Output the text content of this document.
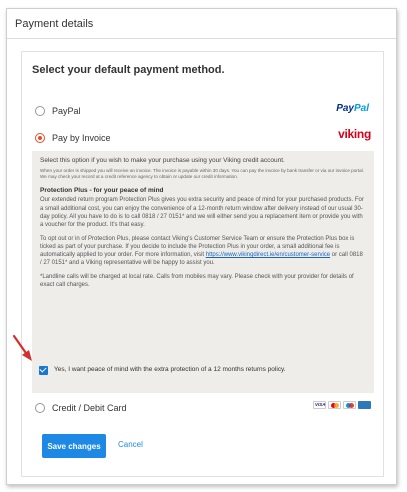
Payment details
Select your default payment method.
PayPal	PayPal
Pay by Invoice	viking

Select this option if you wish to make your purchase using your Viking credit account.

When your order is shipped you will receive an invoice. The invoice is payable within 30 days. You can pay the invoice by bank transfer or via our invoice portal. We may check your record at a credit reference agency to obtain or update our credit information.

Protection Plus - for your peace of mind

Our extended return program Protection Plus gives you extra security and peace of mind for your purchased products. For a small additional cost, you can enjoy the convenience of a 12-month return window after delivery instead of our usual 30-day policy. All you have to do is to call 0818 / 27 0151* and we will either send you a replacement item or provide you with a voucher for the product. It's that easy.

To opt out or in of Protection Plus, please contact Viking's Customer Service Team or ensure the Protection Plus box is ticked as part of your purchase. If you decide to include the Protection Plus in your order, a small additional fee is automatically applied to your order. For more information, visit https://www.vikingdirect.ie/en/customer-service or call 0818 / 27 0151* and a Viking representative will be happy to assist you.

*Landline calls will be charged at local rate. Calls from mobiles may vary. Please check with your provider for details of exact call charges.

Yes, I want peace of mind with the extra protection of a 12 months returns policy.
Credit / Debit Card	VISA
Save changes	Cancel
